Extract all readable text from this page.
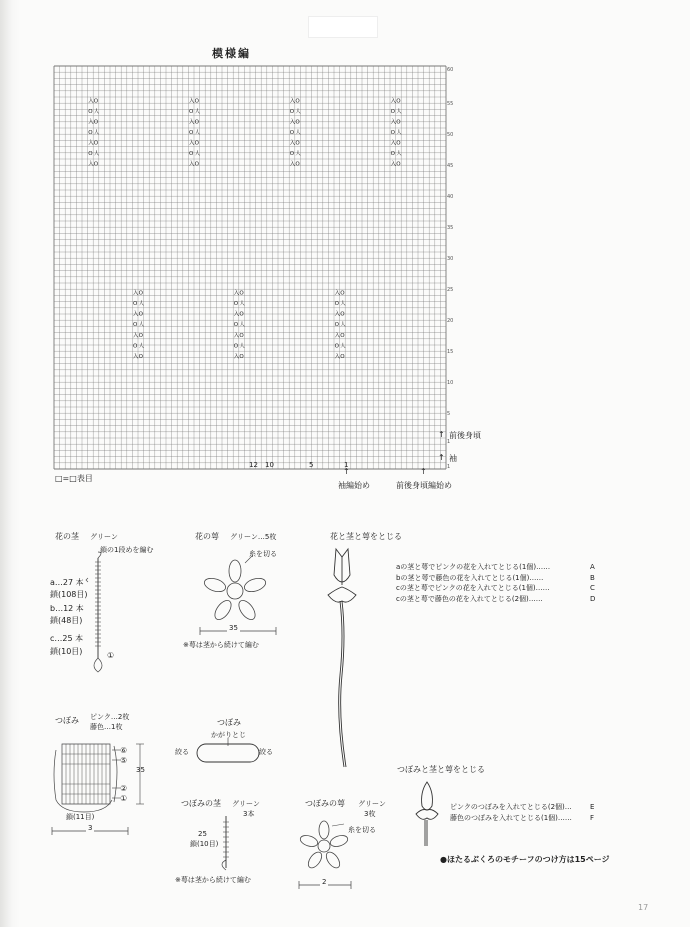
模様編
入 O
O 人
入 O
O 人
入 O
O 人
入 O
入 O
O 人
入 O
O 人
入 O
O 人
入 O
入 O
O 人
入 O
O 人
入 O
O 人
入 O
入 O
O 人
入 O
O 人
入 O
O 人
入 O
入 O
O 人
入 O
O 人
入 O
O 人
入 O
入 O
O 人
入 O
O 人
入 O
O 人
入 O
入 O
O 人
入 O
O 人
入 O
O 人
入 O
60
55
50
45
40
35
30
25
20
15
10
5
1
1
↑ 前後身頃
↑ 袖
12 10	5	1
□=□表目
↑
袖編始め
↑
前後身頃編始め
花の茎 グリーン
鎖の1段めを編む
a…27 本
鎖(108目)
b…12 本
鎖(48目)
c…25 本
鎖(10目)	①
花の萼 グリーン…5枚
糸を切る
35
※萼は茎から続けて編む
花と茎と萼をとじる
aの茎と萼でピンクの花を入れてとじる(1個)……	A
bの茎と萼で藤色の花を入れてとじる(1個)……	B
cの茎と萼でピンクの花を入れてとじる(1個)……	C
cの茎と萼で藤色の花を入れてとじる(2個)……	D
つぼみ ピンク…2枚
藤色…1枚
⑥
⑤
②
①
35
鎖(11目)
3
つぼみ
かがりとじ
絞る	絞る
つぼみの茎 グリーン
3本
25
鎖(10目)
※萼は茎から続けて編む
つぼみの萼 グリーン
3枚
糸を切る
2
つぼみと茎と萼をとじる
ピンクのつぼみを入れてとじる(2個)…	E
藤色のつぼみを入れてとじる(1個)……	F
●ほたるぶくろのモチーフのつけ方は15ページ
17
